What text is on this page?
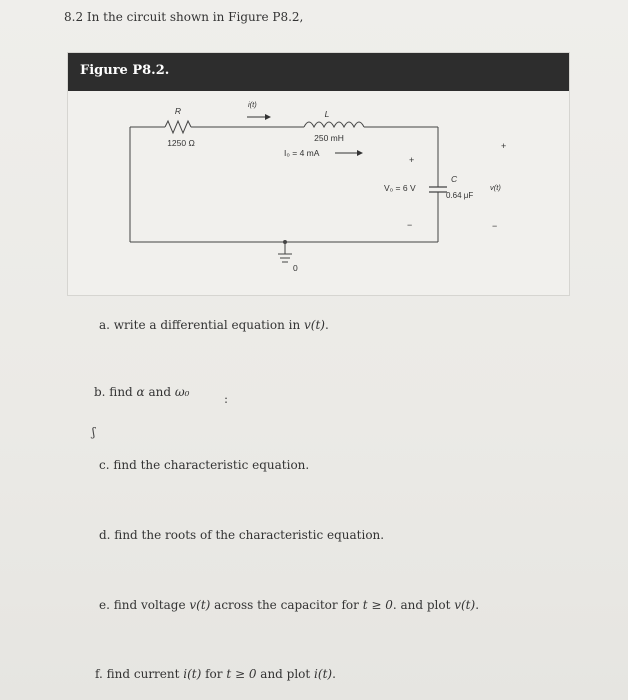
8.2 In the circuit shown in Figure P8.2,
Figure P8.2.
R
1250 Ω
i(t)
L
250 mH
I₀ = 4 mA
+
+
V₀ = 6 V
C
0.64 μF
v(t)
−	−
0
a. write a differential equation in v(t).
b. find α and ω₀	:
ʃ
c. find the characteristic equation.
d. find the roots of the characteristic equation.
e. find voltage v(t) across the capacitor for t ≥ 0. and plot v(t).
f. find current i(t) for t ≥ 0 and plot i(t).
